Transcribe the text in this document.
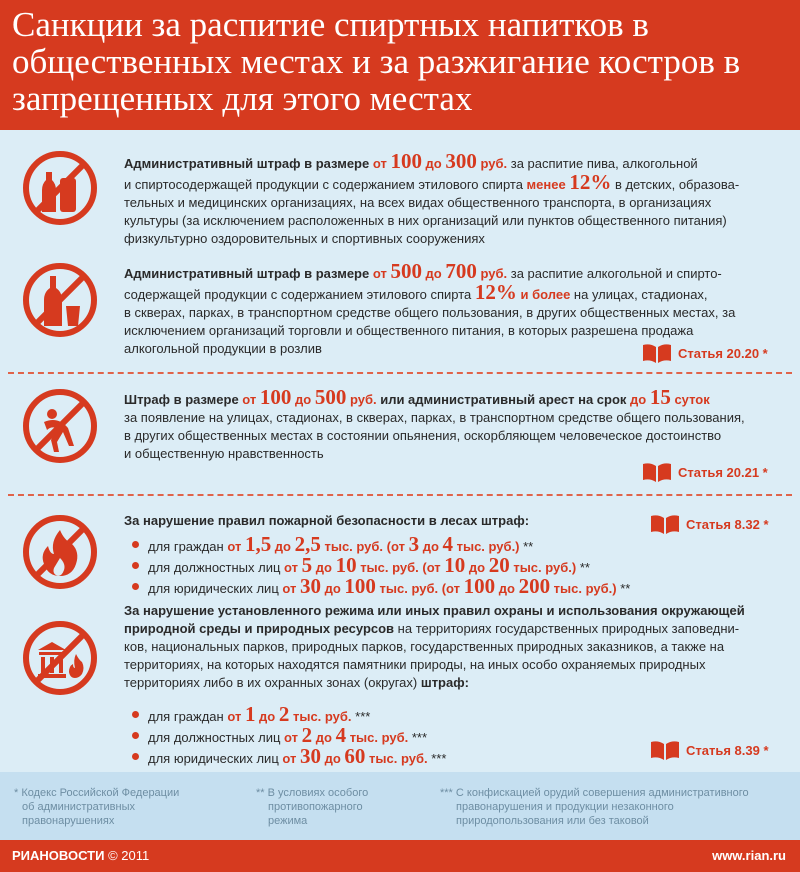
Санкции за распитие спиртных напитков в общественных местах и за разжигание костров в запрещенных для этого местах
Административный штраф в размере от 100 до 300 руб. за распитие пива, алкогольной
и спиртосодержащей продукции с содержанием этилового спирта менее 12% в детских, образова-
тельных и медицинских организациях, на всех видах общественного транспорта, в организациях
культуры (за исключением расположенных в них организаций или пунктов общественного питания)
физкультурно оздоровительных и спортивных сооружениях
Административный штраф в размере от 500 до 700 руб. за распитие алкогольной и спирто-
содержащей продукции с содержанием этилового спирта 12% и более на улицах, стадионах,
в скверах, парках, в транспортном средстве общего пользования, в других общественных местах, за
исключением организаций торговли и общественного питания, в которых разрешена продажа
алкогольной продукции в розлив	Статья 20.20 *
Штраф в размере от 100 до 500 руб. или административный арест на срок до 15 суток
за появление на улицах, стадионах, в скверах, парках, в транспортном средстве общего пользования,
в других общественных местах в состоянии опьянения, оскорбляющем человеческое достоинство
и общественную нравственность
Статья 20.21 *
За нарушение правил пожарной безопасности в лесах штраф:	Статья 8.32 *
для граждан от 1,5 до 2,5 тыс. руб. (от 3 до 4 тыс. руб.) **
для должностных лиц от 5 до 10 тыс. руб. (от 10 до 20 тыс. руб.) **
для юридических лиц от 30 до 100 тыс. руб. (от 100 до 200 тыс. руб.) **
За нарушение установленного режима или иных правил охраны и использования окружающей
природной среды и природных ресурсов на территориях государственных природных заповедни-
ков, национальных парков, природных парков, государственных природных заказников, а также на
территориях, на которых находятся памятники природы, на иных особо охраняемых природных
территориях либо в их охранных зонах (округах) штраф:
для граждан от 1 до 2 тыс. руб. ***
для должностных лиц от 2 до 4 тыс. руб. ***
для юридических лиц от 30 до 60 тыс. руб. ***
Статья 8.39 *
* Кодекс Российской Федерации
об административных
правонарушениях
** В условиях особого
противопожарного
режима
*** С конфискацией орудий совершения административного
правонарушения и продукции незаконного
природопользования или без таковой
РИАНОВОСТИ © 2011	www.rian.ru
